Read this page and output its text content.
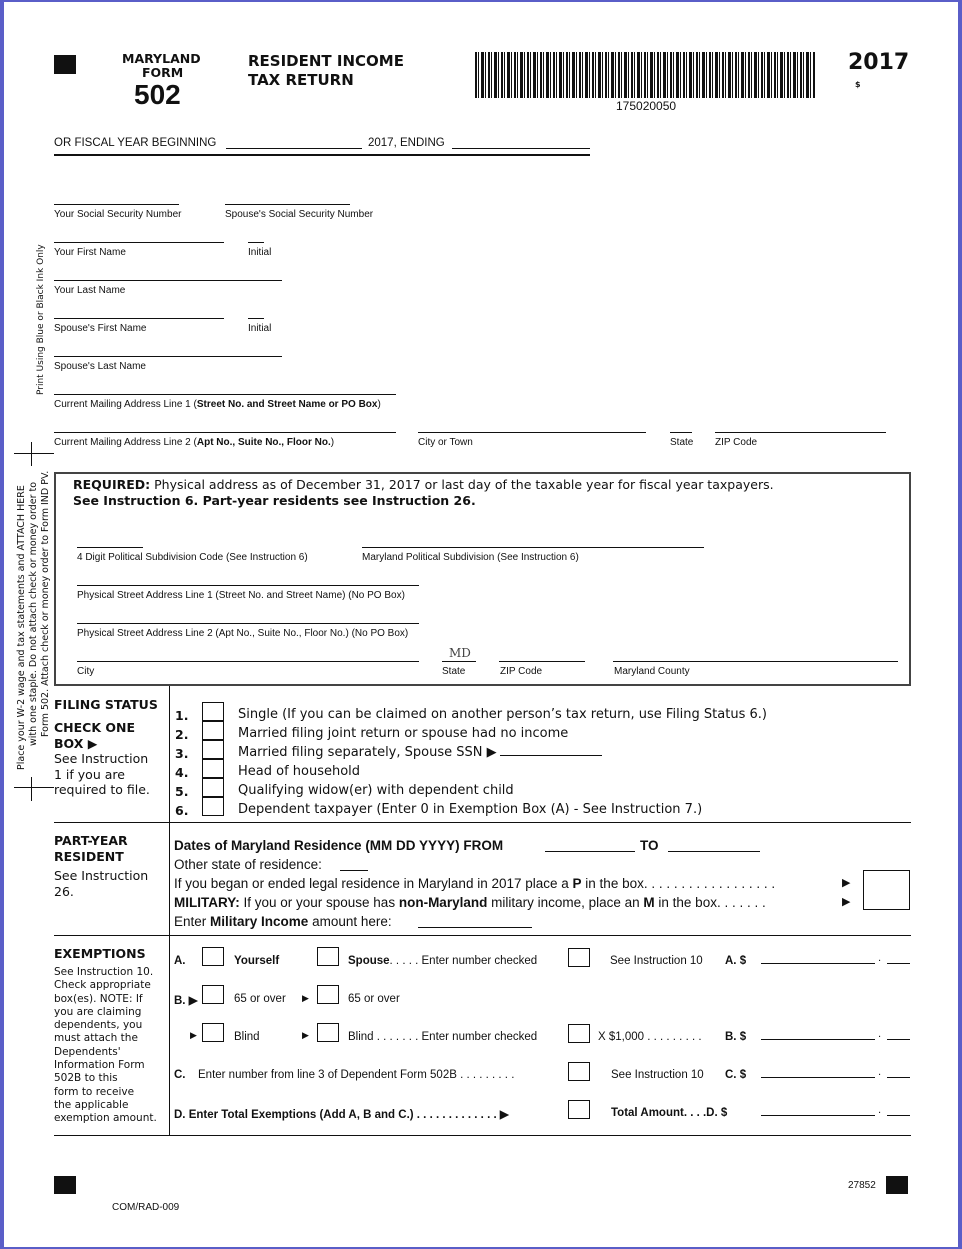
MARYLAND
FORM
502
RESIDENT INCOME
TAX RETURN
175020050
2017
$
OR FISCAL YEAR BEGINNING	2017, ENDING
Print Using Blue or Black Ink Only
Place your W-2 wage and tax statements and ATTACH HERE with one staple. Do not attach check or money order to Form 502. Attach check or money order to Form IND PV.
Your Social Security Number	Spouse's Social Security Number
Your First Name	Initial
Your Last Name
Spouse's First Name	Initial
Spouse's Last Name
Current Mailing Address Line 1 (Street No. and Street Name or PO Box)
Current Mailing Address Line 2 (Apt No., Suite No., Floor No.)	City or Town	State ZIP Code
REQUIRED: Physical address as of December 31, 2017 or last day of the taxable year for fiscal year taxpayers.
See Instruction 6. Part-year residents see Instruction 26.
4 Digit Political Subdivision Code (See Instruction 6)	Maryland Political Subdivision (See Instruction 6)
Physical Street Address Line 1 (Street No. and Street Name) (No PO Box)
Physical Street Address Line 2 (Apt No., Suite No., Floor No.) (No PO Box)
City
MD
State	ZIP Code	Maryland County
FILING STATUS
CHECK ONE
BOX ▶
See Instruction
1 if you are
required to file.
1.	Single (If you can be claimed on another person’s tax return, use Filing Status 6.)
2.	Married filing joint return or spouse had no income
3.	Married filing separately, Spouse SSN ▶
4.	Head of household
5.	Qualifying widow(er) with dependent child
6.	Dependent taxpayer (Enter 0 in Exemption Box (A) - See Instruction 7.)
PART-YEAR
RESIDENT
See Instruction
26.
Dates of Maryland Residence (MM DD YYYY) FROM	TO
Other state of residence:
If you began or ended legal residence in Maryland in 2017 place a P in the box. . . . . . . . . . . . . . . . . .
MILITARY: If you or your spouse has non-Maryland military income, place an M in the box. . . . . . .
▶
▶
Enter Military Income amount here:
EXEMPTIONS
See Instruction 10.
Check appropriate
box(es). NOTE: If
you are claiming
dependents, you
must attach the
Dependents'
Information Form
502B to this
form to receive
the applicable
exemption amount.
A.	Yourself	Spouse. . . . . Enter number checked	See Instruction 10 A. $
B. ▶	65 or over ▶	65 or over
▶	Blind	▶	Blind . . . . . . . Enter number checked	X $1,000 . . . . . . . . . B. $
C. Enter number from line 3 of Dependent Form 502B . . . . . . . . .	See Instruction 10 C. $
D. Enter Total Exemptions (Add A, B and C.) . . . . . . . . . . . . . ▶	Total Amount. . . .D. $
.
.
.
.
COM/RAD-009
27852
